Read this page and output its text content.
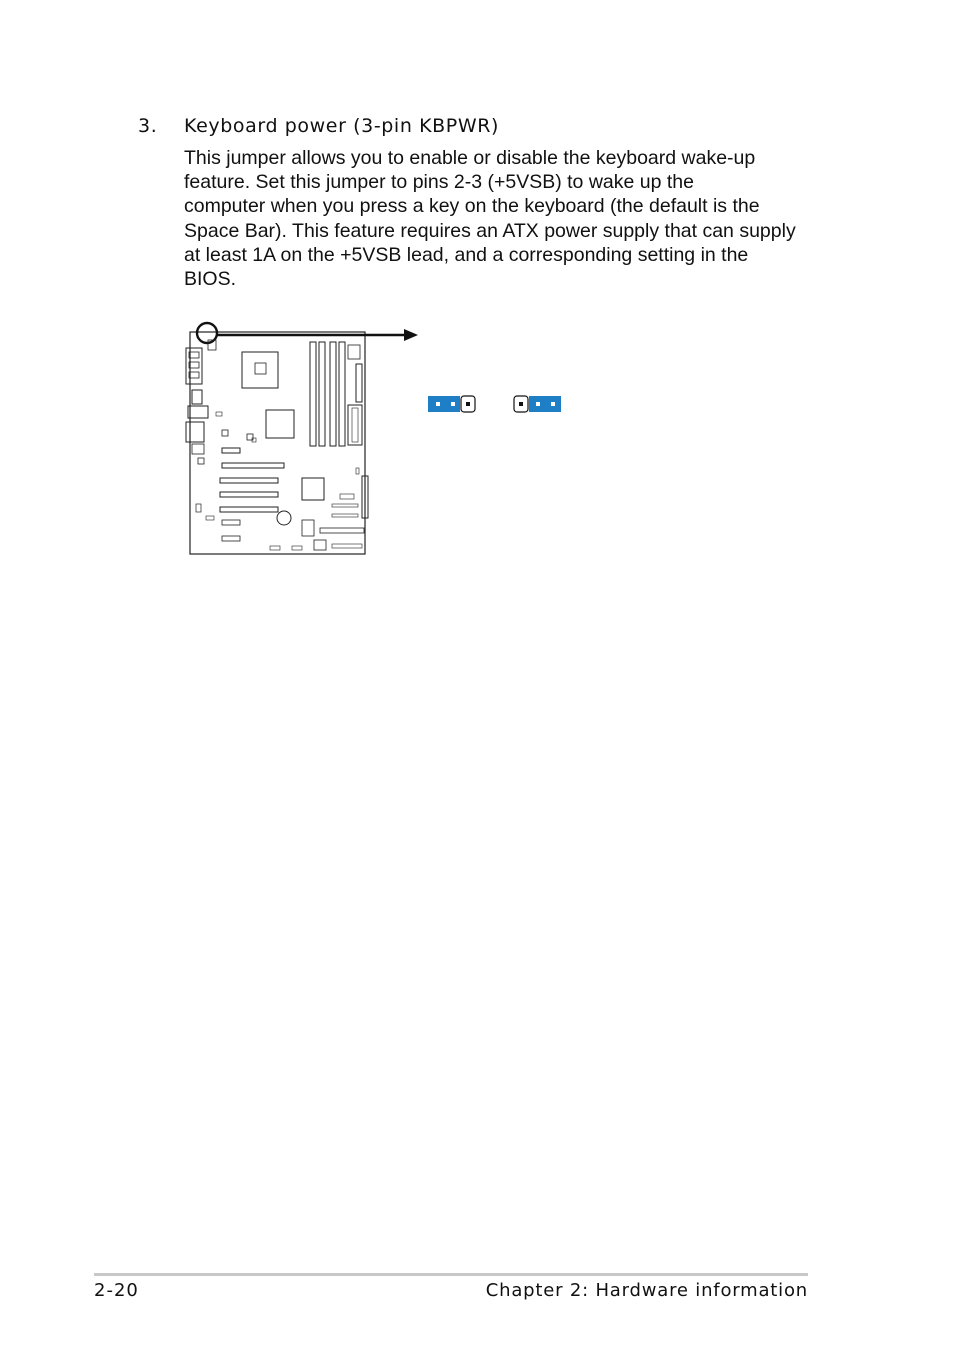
3. Keyboard power (3-pin KBPWR)
This jumper allows you to enable or disable the keyboard wake-up
feature. Set this jumper to pins 2-3 (+5VSB) to wake up the
computer when you press a key on the keyboard (the default is the
Space Bar). This feature requires an ATX power supply that can supply
at least 1A on the +5VSB lead, and a corresponding setting in the
BIOS.
2-20	Chapter 2: Hardware information
